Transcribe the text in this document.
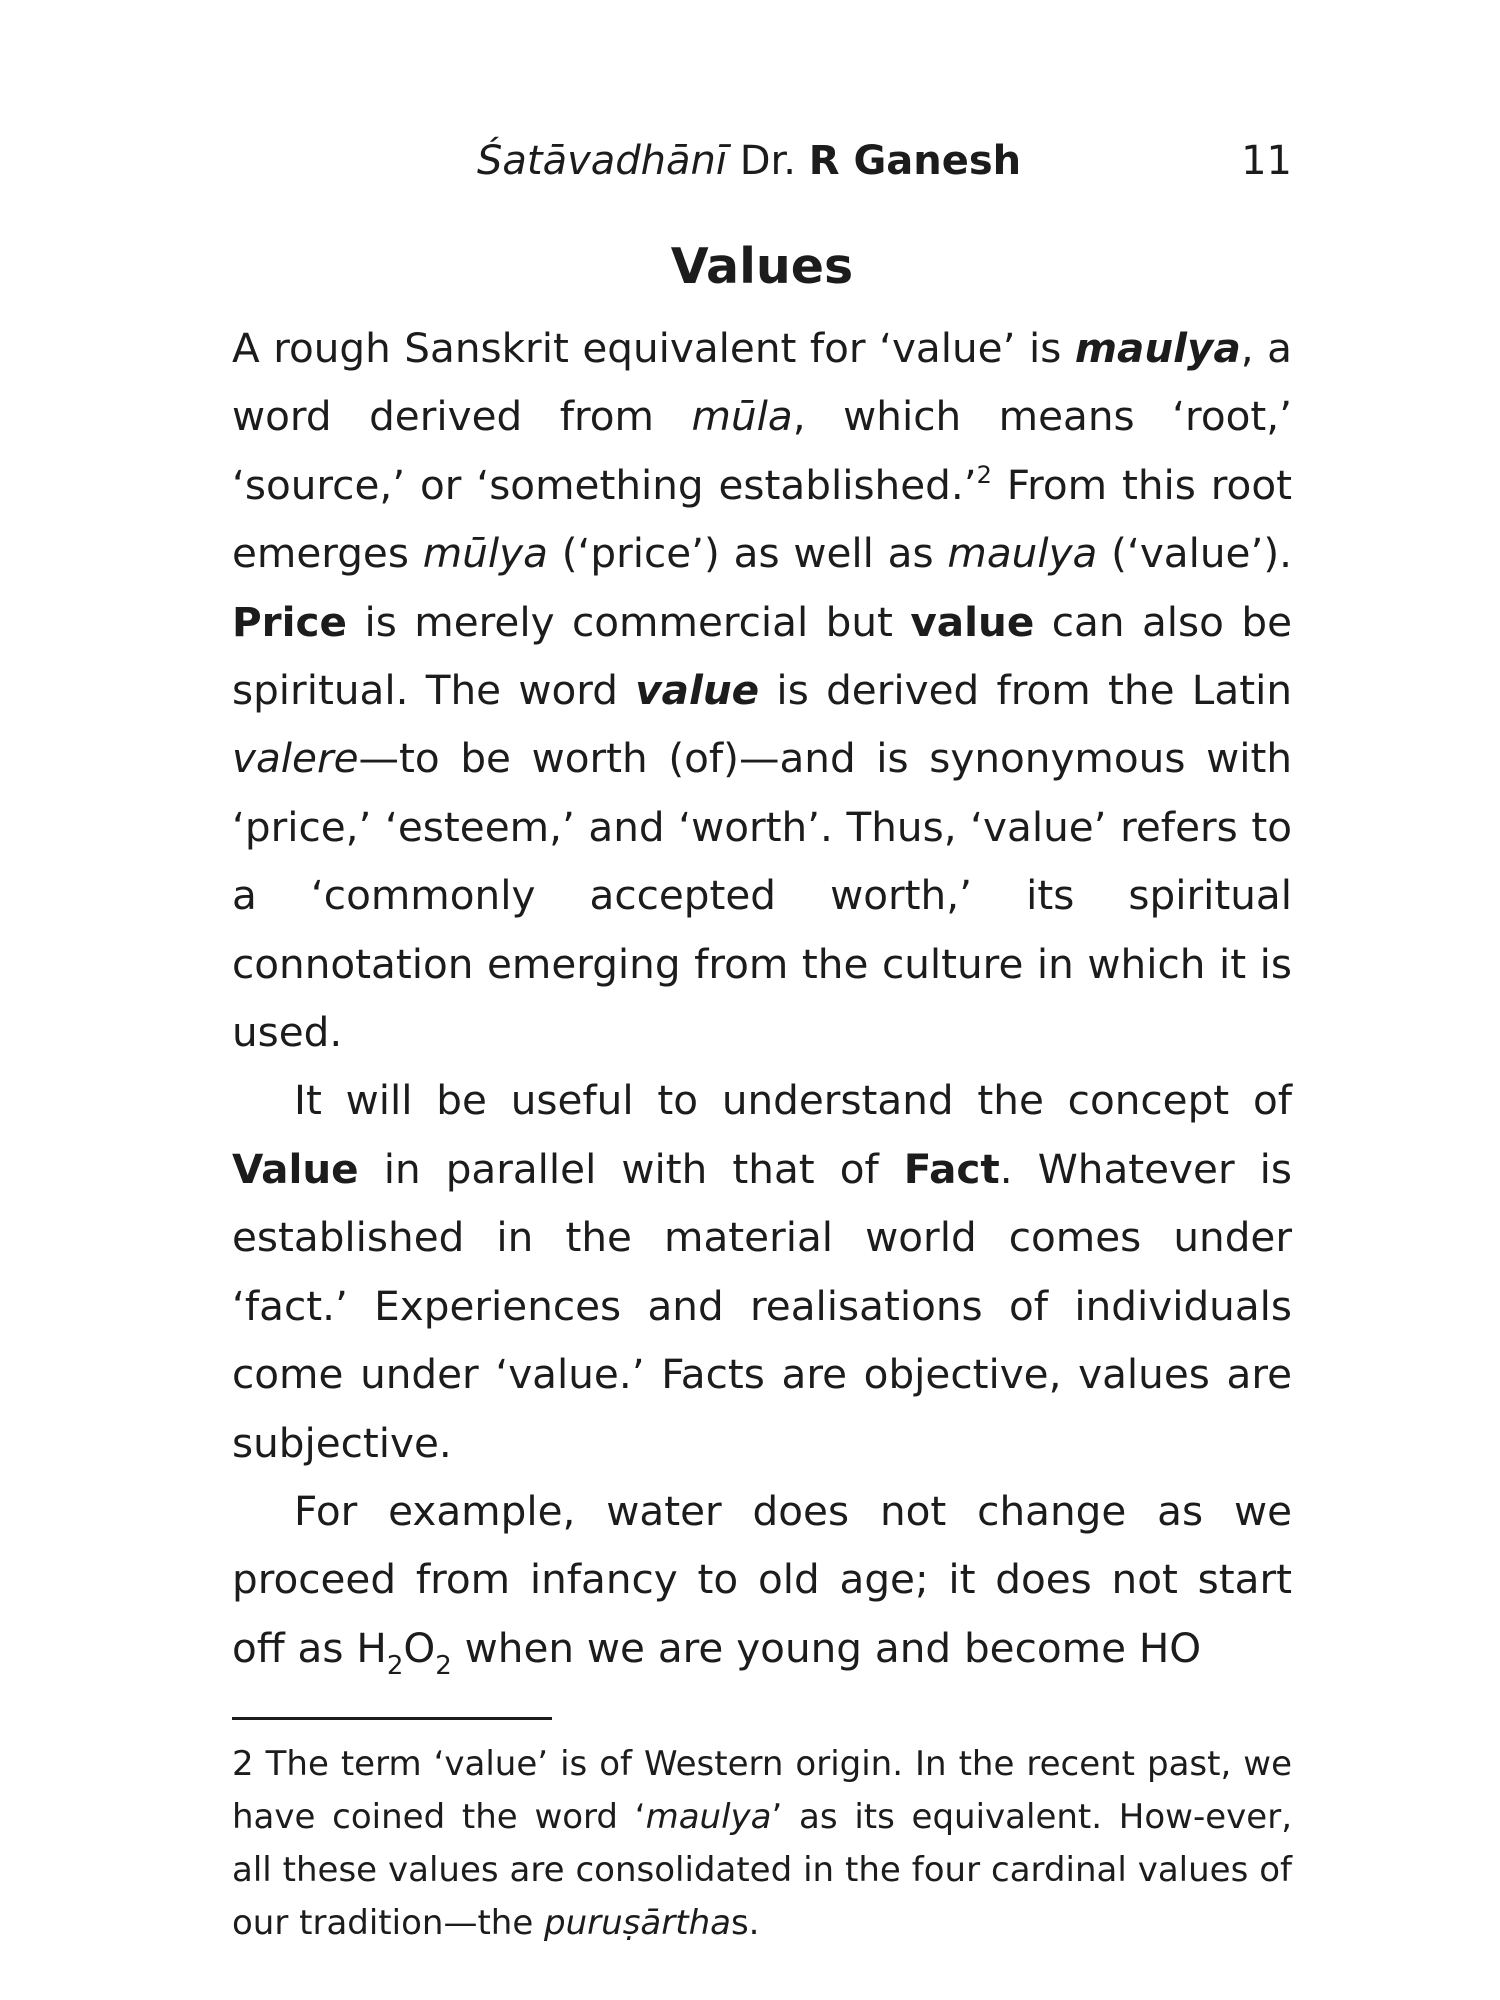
Śatāvadhānī Dr. R Ganesh	11
Values

A rough Sanskrit equivalent for ‘value’ is maulya, a word derived from mūla, which means ‘root,’ ‘source,’ or ‘something established.’$^2$ From this root emerges mūlya (‘price’) as well as maulya (‘value’). Price is merely commercial but value can also be spiritual. The word value is derived from the Latin valere—to be worth (of)—and is synonymous with ‘price,’ ‘esteem,’ and ‘worth’. Thus, ‘value’ refers to a ‘commonly accepted worth,’ its spiritual connotation emerging from the culture in which it is used.

It will be useful to understand the concept of Value in parallel with that of Fact. Whatever is established in the material world comes under ‘fact.’ Experiences and realisations of individuals come under ‘value.’ Facts are objective, values are subjective.

For example, water does not change as we proceed from infancy to old age; it does not start off as $H_2O_2$ when we are young and become HO

2 The term ‘value’ is of Western origin. In the recent past, we have coined the word ‘maulya’ as its equivalent. How-ever, all these values are consolidated in the four cardinal values of our tradition—the puruṣārthas.
